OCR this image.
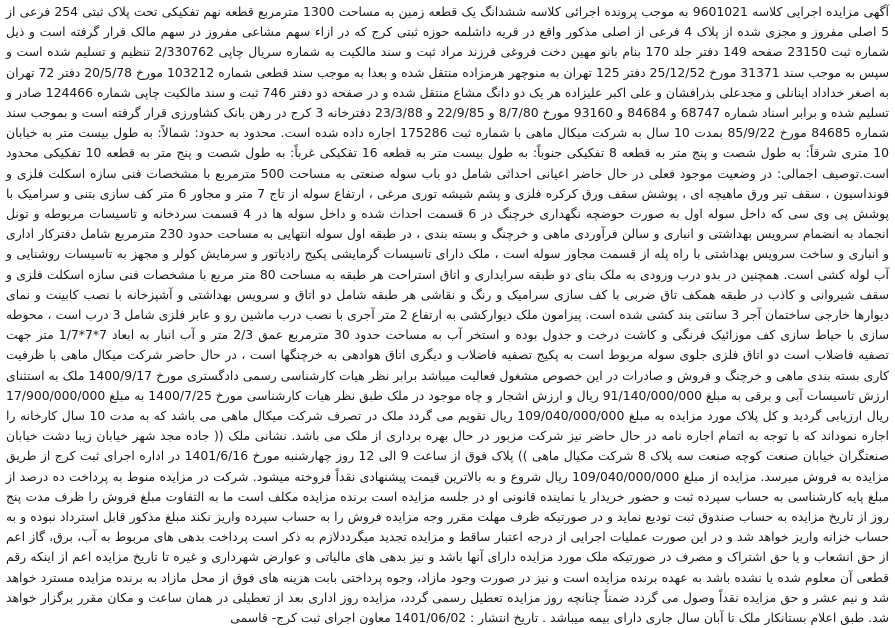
آگهی مزایده اجرایی کلاسه 9601021 به موجب پرونده اجرائی کلاسه ششدانگ یک قطعه زمین به مساحت 1300 مترمربع قطعه نهم تفکیکی تحت پلاک ثبتی 254 فرعی از 5 اصلی مفروز و مجزی شده از پلاک 4 فرعی از اصلی مذکور واقع در قریه داشلمه حوزه ثبتی کرج که در ازاء سهم مشاعی مفروز در سهم مالک قرار گرفته است و ذیل شماره ثبت 23150 صفحه 149 دفتر جلد 170 بنام بانو مهین دخت فروغی فرزند مراد ثبت و سند مالکیت به شماره سریال چاپی 2/330762 تنظیم و تسلیم شده است و سپس به موجب سند 31371 مورخ 25/12/52 دفتر 125 تهران به منوچهر هرمزاده منتقل شده و بعدا به موجب سند قطعی شماره 103212 مورخ 20/5/78 دفتر 72 تهران به اصغر خداداد اینانلی و مجدعلی بذرافشان و علی اکبر علیزاده هر یک دو دانگ مشاع منتقل شده و در صفحه دو دفتر 746 ثبت و سند مالکیت چاپی شماره 124466 صادر و تسلیم شده و برابر اسناد شماره 68747 و 84684 و 93160 مورخ 8/7/80 و 22/9/85 و 23/3/88 دفترخانه 3 کرج در رهن بانک کشاورزی قرار گرفته است و بموجب سند شماره 84685 مورخ 85/9/22 بمدت 10 سال به شرکت میکال ماهی با شماره ثبت 175286 اجاره داده شده است. محدود به حدود: شمالاً: به طول بیست متر به خیابان 10 متری شرقاً: به طول شصت و پنج متر به قطعه 8 تفکیکی جنوباً: به طول بیست متر به قطعه 16 تفکیکی غرباً: به طول شصت و پنج متر به قطعه 10 تفکیکی محدود است.توصیف اجمالی: در وضعیت موجود فعلی در حال حاضر اعیانی احداثی شامل دو باب سوله صنعتی به مساحت 500 مترمربع با مشخصات فنی سازه اسکلت فلزی و فونداسیون ، سقف تیر ورق ماهیچه ای ، پوشش سقف ورق کرکره فلزی و پشم شیشه توری مرغی ، ارتفاع سوله از تاج 7 متر و مجاور 6 متر کف سازی بتنی و سرامیک با پوشش پی وی سی که داخل سوله اول به صورت حوضچه نگهداری خرچنگ در 6 قسمت احداث شده و داخل سوله ها در 4 قسمت سردخانه و تاسیسات مربوطه و تونل انجماد به انضمام سرویس بهداشتی و انباری و سالن فرآوردی ماهی و خرچنگ و بسته بندی ، در طبقه اول سوله انتهایی به مساحت حدود 230 مترمربع شامل دفترکار اداری و انباری و ساخت سرویس بهداشتی با راه پله از قسمت مجاور سوله است ، ملک دارای تاسیسات گرمایشی پکیج رادیاتور و سرمایش کولر و مجهز به تاسیسات روشنایی و آب لوله کشی است. همچنین در بدو درب ورودی به ملک بنای دو طبقه سرایداری و اتاق استراحت هر طبقه به مساحت 80 متر مربع با مشخصات فنی سازه اسکلت فلزی و سقف شیروانی و کاذب در طبقه همکف تاق ضربی با کف سازی سرامیک و رنگ و نقاشی هر طبقه شامل دو اتاق و سرویس بهداشتی و آشپزخانه با نصب کابینت و نمای دیوارها خارجی ساختمان آجر 3 سانتی بند کشی شده است. پیرامون ملک دیوارکشی به ارتفاع 2 متر آجری با نصب درب ماشین رو و عابر فلزی شامل 3 درب است ، محوطه سازی با حیاط سازی کف موزائیک فرنگی و کاشت درخت و جدول بوده و استخر آب به مساحت حدود 30 مترمربع عمق 2/3 متر و آب انبار به ابعاد 7*7*1/7 متر جهت تصفیه فاضلاب است دو اتاق فلزی جلوی سوله مربوط است به پکیج تصفیه فاضلاب و دیگری اتاق هوادهی به خرچنگها است ، در حال حاضر شرکت میکال ماهی با ظرفیت کاری بسته بندی ماهی و خرچنگ و فروش و صادرات در این خصوص مشغول فعالیت میباشد برابر نظر هیات کارشناسی رسمی دادگستری مورخ 1400/9/17 ملک به استثنای ارزش تاسیسات آبی و برقی به مبلغ 91/140/000/000 ریال و ارزش اشجار و چاه موجود در ملک طبق نظر هیات کارشناسی مورخ 1400/7/25 به مبلغ 17/900/000/000 ریال ارزیابی گردید و کل پلاک مورد مزایده به مبلغ 109/040/000/000 ریال تقویم می گردد ملک در تصرف شرکت میکال ماهی می باشد که به مدت 10 سال کارخانه را اجاره نموداند که با توجه به اتمام اجاره نامه در حال حاضر نیز شرکت مزبور در حال بهره برداری از ملک می باشد. نشانی ملک (( جاده مجد شهر خیابان زیبا دشت خیابان صنعتگران خیابان صنعت کوچه صنعت سه پلاک 8 شرکت مکیال ماهی )) پلاک فوق از ساعت 9 الی 12 روز چهارشنبه مورخ 1401/6/16 در اداره اجرای ثبت کرج از طریق مزایده به فروش میرسد. مزایده از مبلغ 109/040/000/000 ریال شروع و به بالاترین قیمت پیشنهادی نقداً فروخته میشود. شرکت در مزایده منوط به پرداخت ده درصد از مبلغ پایه کارشناسی به حساب سپرده ثبت و حضور خریدار یا نماینده قانونی او در جلسه مزایده است برنده مزایده مکلف است ما به التفاوت مبلغ فروش را ظرف مدت پنج روز از تاریخ مزایده به حساب صندوق ثبت تودیع نماید و در صورتیکه ظرف مهلت مقرر وجه مزایده فروش را به حساب سپرده واریز نکند مبلغ مذکور قابل استرداد نبوده و به حساب خزانه واریز خواهد شد و در این صورت عملیات اجرایی از درجه اعتبار ساقط و مزایده تجدید میگرددلازم به ذکر است پرداخت بدهی های مربوط به آب، برق، گاز اعم از حق انشعاب و یا حق اشتراک و مصرف در صورتیکه ملک مورد مزایده دارای آنها باشد و نیز بدهی های مالیاتی و عوارض شهرداری و غیره تا تاریخ مزایده اعم از اینکه رقم قطعی آن معلوم شده یا نشده باشد به عهده برنده مزایده است و نیز در صورت وجود مازاد، وجوه پرداختی بابت هزینه های فوق از محل مازاد به برنده مزایده مسترد خواهد شد و نیم عشر و حق مزایده نقداً وصول می گردد ضمناً چنانچه روز مزایده تعطیل رسمی گردد، مزایده روز اداری بعد از تعطیلی در همان ساعت و مکان مقرر برگزار خواهد شد. طبق اعلام بستانکار ملک تا آبان سال جاری دارای بیمه میباشد . تاریخ انتشار : 1401/06/02 معاون اجرای ثبت کرج- قاسمی
